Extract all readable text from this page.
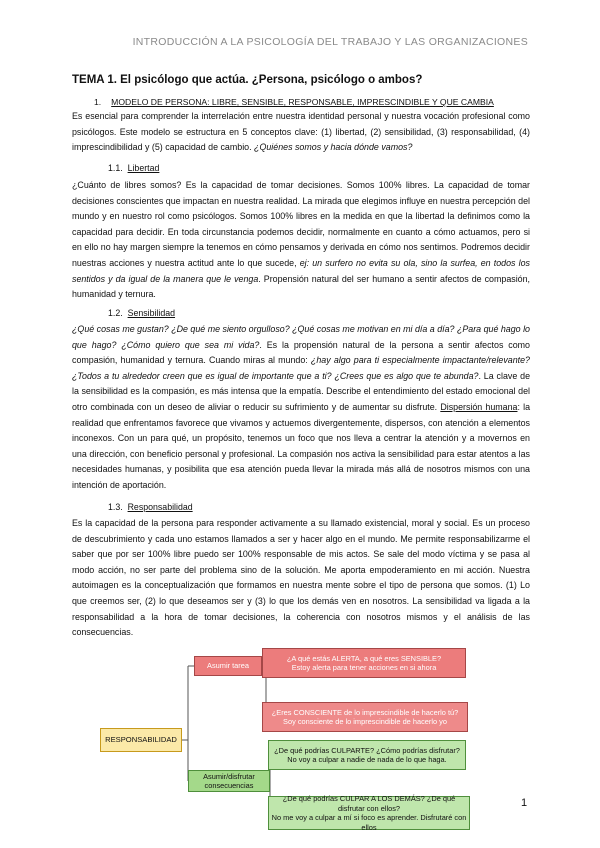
INTRODUCCIÓN A LA PSICOLOGÍA DEL TRABAJO Y LAS ORGANIZACIONES
TEMA 1. El psicólogo que actúa. ¿Persona, psicólogo o ambos?
1. MODELO DE PERSONA: LIBRE, SENSIBLE, RESPONSABLE, IMPRESCINDIBLE Y QUE CAMBIA
Es esencial para comprender la interrelación entre nuestra identidad personal y nuestra vocación profesional como psicólogos. Este modelo se estructura en 5 conceptos clave: (1) libertad, (2) sensibilidad, (3) responsabilidad, (4) imprescindibilidad y (5) capacidad de cambio. ¿Quiénes somos y hacia dónde vamos?
1.1. Libertad
¿Cuánto de libres somos? Es la capacidad de tomar decisiones. Somos 100% libres. La capacidad de tomar decisiones conscientes que impactan en nuestra realidad. La mirada que elegimos influye en nuestra percepción del mundo y en nuestro rol como psicólogos. Somos 100% libres en la medida en que la libertad la definimos como la capacidad para decidir. En toda circunstancia podemos decidir, normalmente en cuanto a cómo actuamos, pero si en ello no hay margen siempre la tenemos en cómo pensamos y derivada en cómo nos sentimos. Podremos decidir nuestras acciones y nuestra actitud ante lo que sucede, ej: un surfero no evita su ola, sino la surfea, en todos los sentidos y da igual de la manera que le venga. Propensión natural del ser humano a sentir afectos de compasión, humanidad y ternura.
1.2. Sensibilidad
¿Qué cosas me gustan? ¿De qué me siento orgulloso? ¿Qué cosas me motivan en mi día a día? ¿Para qué hago lo que hago? ¿Cómo quiero que sea mi vida?. Es la propensión natural de la persona a sentir afectos como compasión, humanidad y ternura. Cuando miras al mundo: ¿hay algo para ti especialmente impactante/relevante? ¿Todos a tu alrededor creen que es igual de importante que a ti? ¿Crees que es algo que te abunda?. La clave de la sensibilidad es la compasión, es más intensa que la empatía. Describe el entendimiento del estado emocional del otro combinada con un deseo de aliviar o reducir su sufrimiento y de aumentar su disfrute. Dispersión humana: la realidad que enfrentamos favorece que vivamos y actuemos divergentemente, dispersos, con atención a elementos inconexos. Con un para qué, un propósito, tenemos un foco que nos lleva a centrar la atención y a movernos en una dirección, con beneficio personal y profesional. La compasión nos activa la sensibilidad para estar atentos a las necesidades humanas, y posibilita que esa atención pueda llevar la mirada más allá de nosotros mismos con una intención de aportación.
1.3. Responsabilidad
Es la capacidad de la persona para responder activamente a su llamado existencial, moral y social. Es un proceso de descubrimiento y cada uno estamos llamados a ser y hacer algo en el mundo. Me permite responsabilizarme el saber que por ser 100% libre puedo ser 100% responsable de mis actos. Se sale del modo víctima y se pasa al modo acción, no ser parte del problema sino de la solución. Me aporta empoderamiento en mi acción. Nuestra autoimagen es la conceptualización que formamos en nuestra mente sobre el tipo de persona que somos. (1) Lo que creemos ser, (2) lo que deseamos ser y (3) lo que los demás ven en nosotros. La sensibilidad va ligada a la responsabilidad a la hora de tomar decisiones, la coherencia con nosotros mismos y el análisis de las consecuencias.
RESPONSABILIDAD
Asumir tarea
Asumir/disfrutar consecuencias
¿A qué estás ALERTA, a qué eres SENSIBLE?
Estoy alerta para tener acciones en si ahora
¿Eres CONSCIENTE de lo imprescindible de hacerlo tú?
Soy consciente de lo imprescindible de hacerlo yo
¿De qué podrías CULPARTE? ¿Cómo podrías disfrutar?
No voy a culpar a nadie de nada de lo que haga.
¿De qué podrías CULPAR A LOS DEMÁS? ¿De qué disfrutar con ellos?
No me voy a culpar a mí si foco es aprender. Disfrutaré con ellos
1
